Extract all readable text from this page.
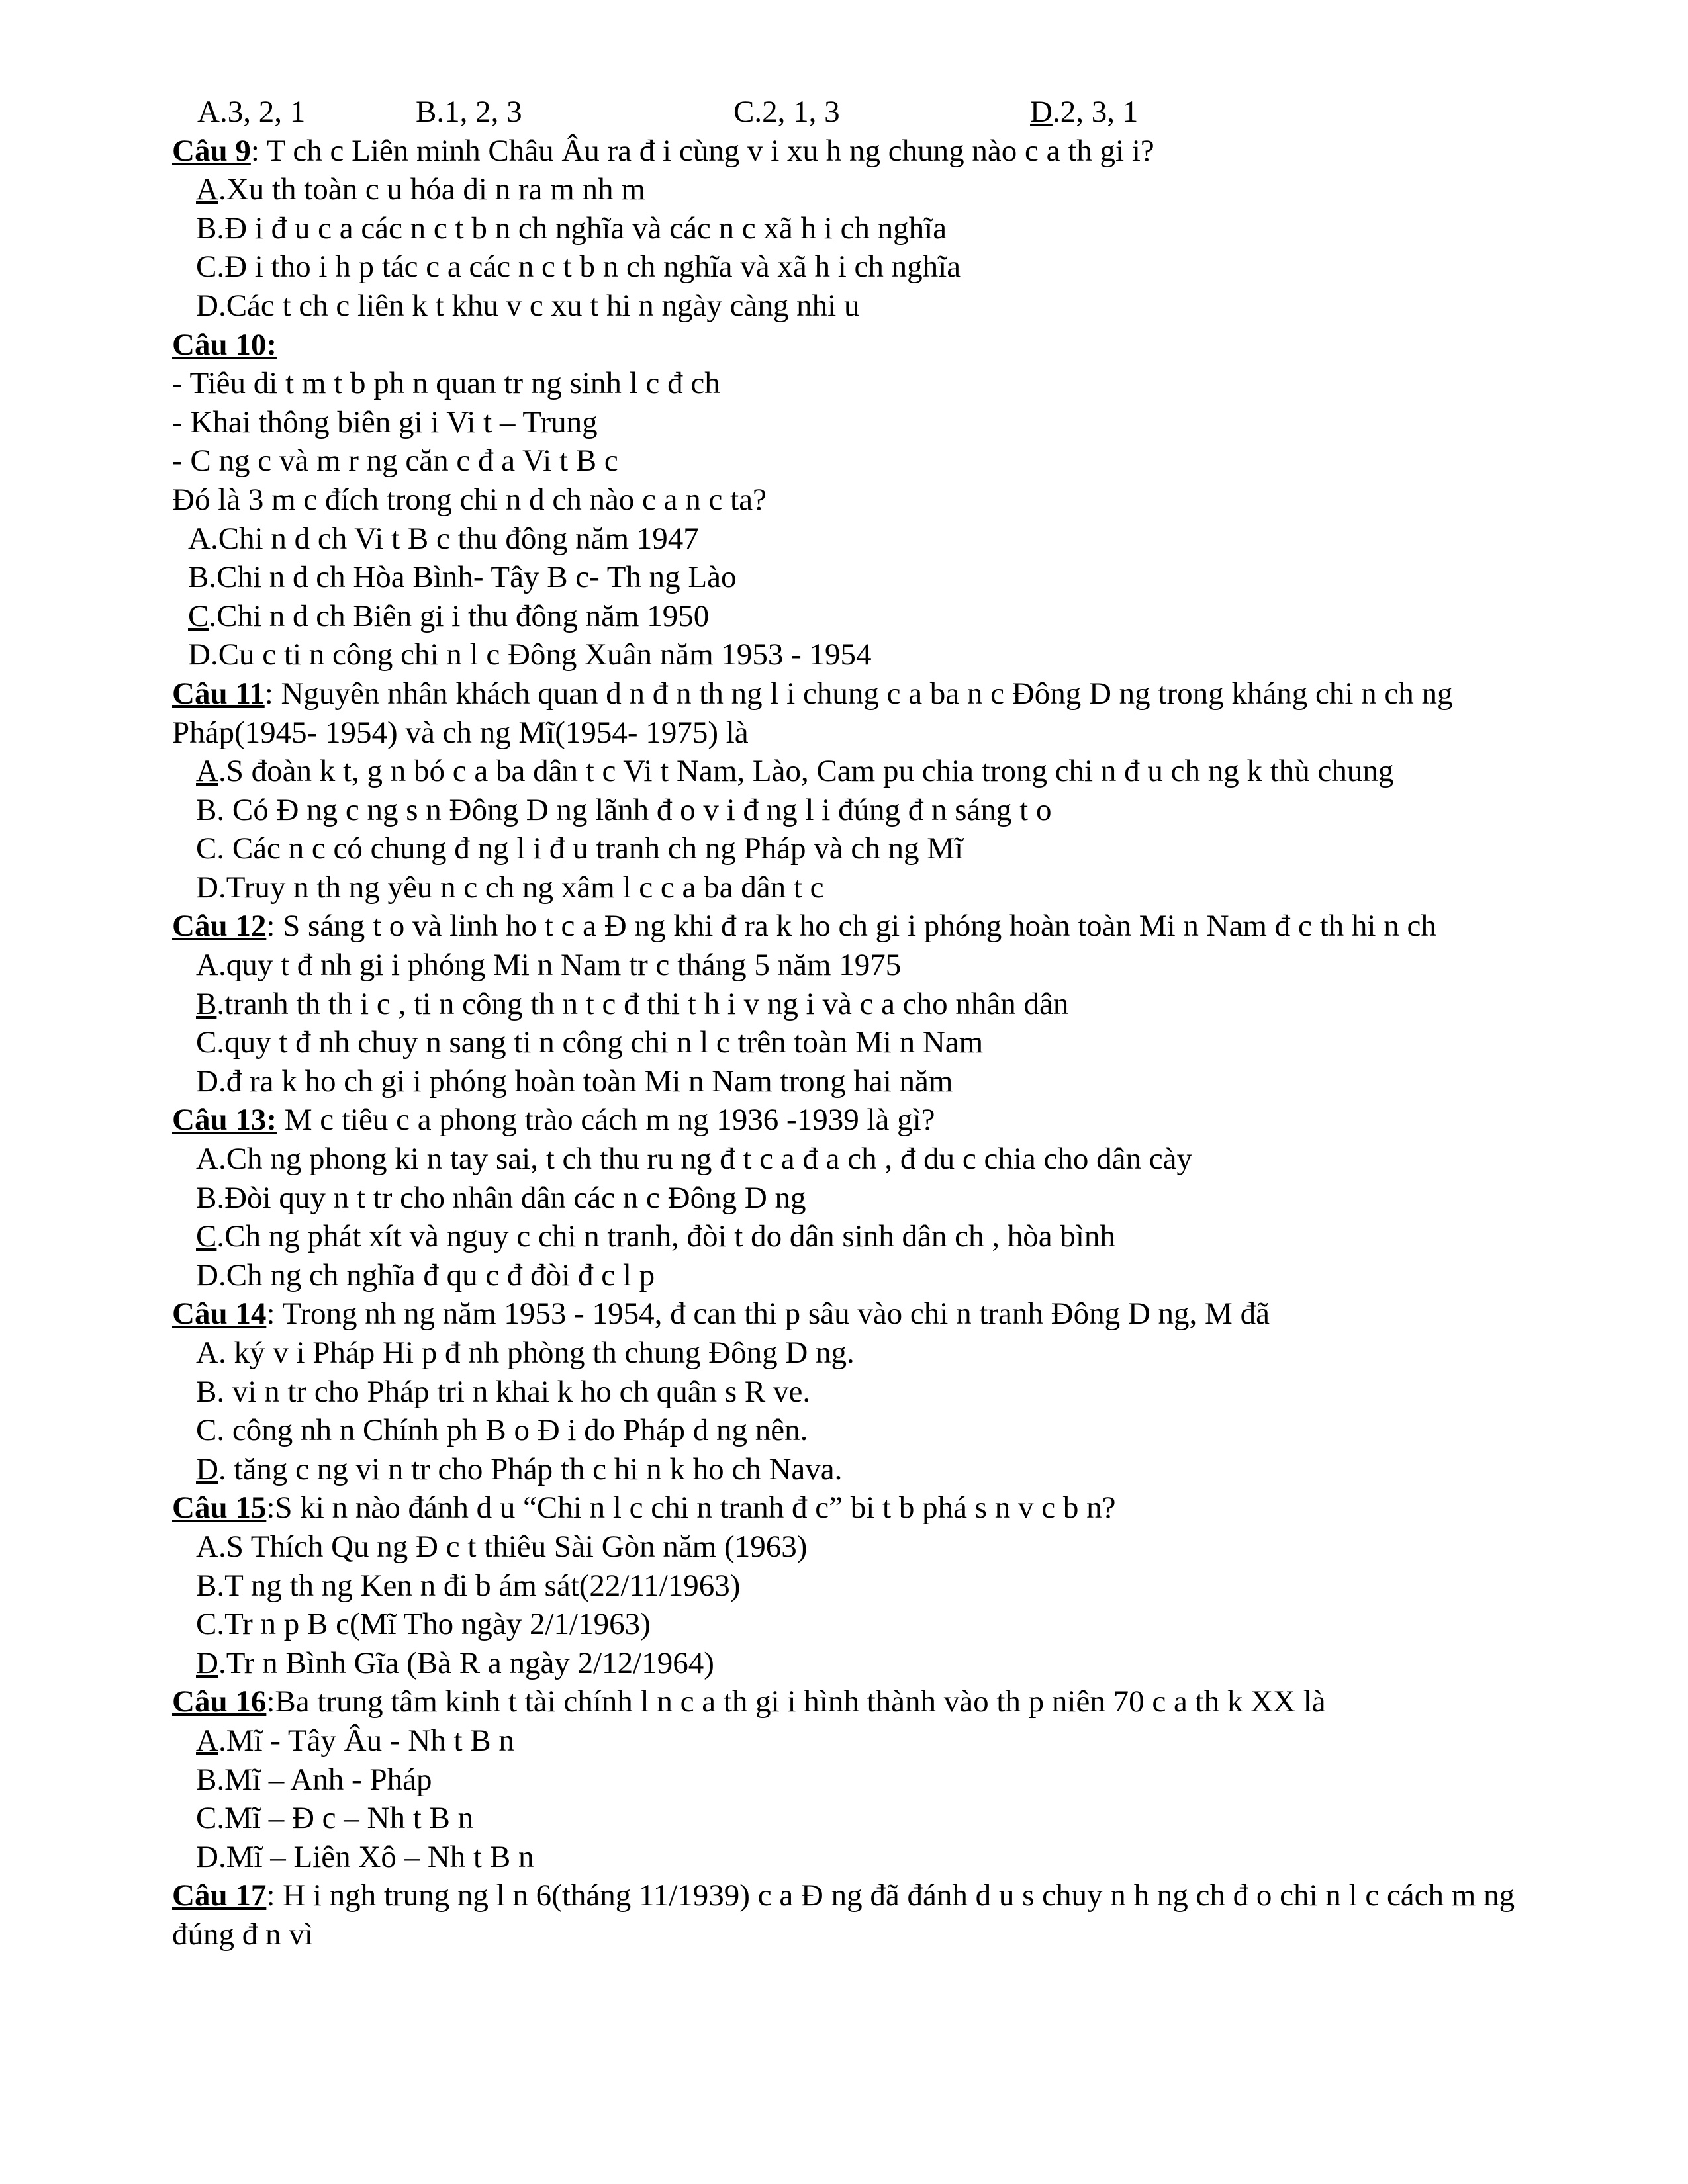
A.3, 2, 1	B.1, 2, 3	C.2, 1, 3	D.2, 3, 1
Câu 9: T ch c Liên minh Châu Âu ra đ i cùng v i xu h ng chung nào c a th gi i?
A.Xu th toàn c u hóa di n ra m nh m
B.Đ i đ u c a các n c t b n ch nghĩa và các n c xã h i ch nghĩa
C.Đ i tho i h p tác c a các n c t b n ch nghĩa và xã h i ch nghĩa
D.Các t ch c liên k t khu v c xu t hi n ngày càng nhi u
Câu 10:
- Tiêu di t m t b ph n quan tr ng sinh l c đ ch
- Khai thông biên gi i Vi t – Trung
- C ng c và m r ng căn c đ a Vi t B c
Đó là 3 m c đích trong chi n d ch nào c a n c ta?
A.Chi n d ch Vi t B c thu đông năm 1947
B.Chi n d ch Hòa Bình- Tây B c- Th ng Lào
C.Chi n d ch Biên gi i thu đông năm 1950
D.Cu c ti n công chi n l c Đông Xuân năm 1953 - 1954
Câu 11: Nguyên nhân khách quan d n đ n th ng l i chung c a ba n c Đông D ng trong kháng chi n ch ng Pháp(1945- 1954) và ch ng Mĩ(1954- 1975) là
A.S đoàn k t, g n bó c a ba dân t c Vi t Nam, Lào, Cam pu chia trong chi n đ u ch ng k thù chung
B. Có Đ ng c ng s n Đông D ng lãnh đ o v i đ ng l i đúng đ n sáng t o
C. Các n c có chung đ ng l i đ u tranh ch ng Pháp và ch ng Mĩ
D.Truy n th ng yêu n c ch ng xâm l c c a ba dân t c
Câu 12: S sáng t o và linh ho t c a Đ ng khi đ ra k ho ch gi i phóng hoàn toàn Mi n Nam đ c th hi n ch
A.quy t đ nh gi i phóng Mi n Nam tr c tháng 5 năm 1975
B.tranh th th i c , ti n công th n t c đ thi t h i v ng i và c a cho nhân dân
C.quy t đ nh chuy n sang ti n công chi n l c trên toàn Mi n Nam
D.đ ra k ho ch gi i phóng hoàn toàn Mi n Nam trong hai năm
Câu 13: M c tiêu c a phong trào cách m ng 1936 -1939 là gì?
A.Ch ng phong ki n tay sai, t ch thu ru ng đ t c a đ a ch , đ du c chia cho dân cày
B.Đòi quy n t tr cho nhân dân các n c Đông D ng
C.Ch ng phát xít và nguy c chi n tranh, đòi t do dân sinh dân ch , hòa bình
D.Ch ng ch nghĩa đ qu c đ đòi đ c l p
Câu 14: Trong nh ng năm 1953 - 1954, đ can thi p sâu vào chi n tranh Đông D ng, M đã
A. ký v i Pháp Hi p đ nh phòng th chung Đông D ng.
B. vi n tr cho Pháp tri n khai k ho ch quân s R ve.
C. công nh n Chính ph B o Đ i do Pháp d ng nên.
D. tăng c ng vi n tr cho Pháp th c hi n k ho ch Nava.
Câu 15:S ki n nào đánh d u “Chi n l c chi n tranh đ c” bi t b phá s n v c b n?
A.S Thích Qu ng Đ c t thiêu Sài Gòn năm (1963)
B.T ng th ng Ken n đi b ám sát(22/11/1963)
C.Tr n p B c(Mĩ Tho ngày 2/1/1963)
D.Tr n Bình Gĩa (Bà R a ngày 2/12/1964)
Câu 16:Ba trung tâm kinh t tài chính l n c a th gi i hình thành vào th p niên 70 c a th k XX là
A.Mĩ - Tây Âu - Nh t B n
B.Mĩ – Anh - Pháp
C.Mĩ – Đ c – Nh t B n
D.Mĩ – Liên Xô – Nh t B n
Câu 17: H i ngh trung ng l n 6(tháng 11/1939) c a Đ ng đã đánh d u s chuy n h ng ch đ o chi n l c cách m ng đúng đ n vì
